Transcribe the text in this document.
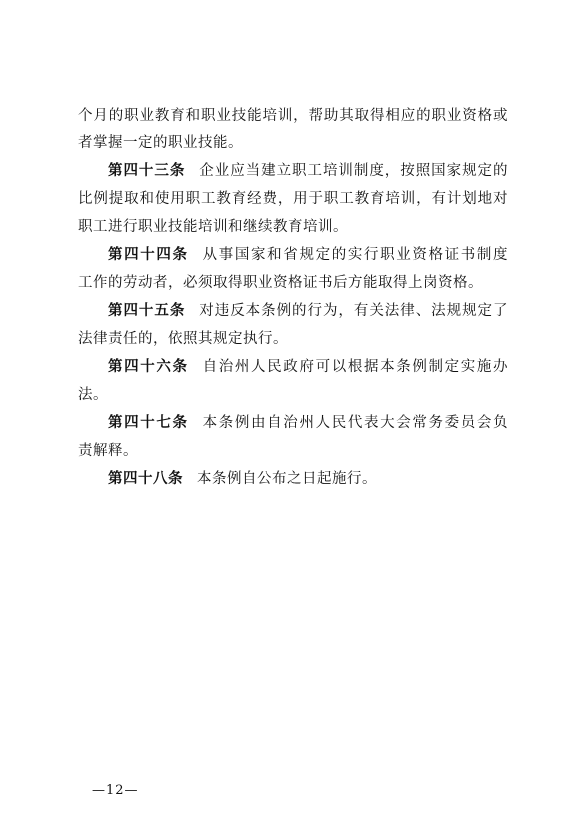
个月的职业教育和职业技能培训，帮助其取得相应的职业资格或
者掌握一定的职业技能。
第四十三条 企业应当建立职工培训制度，按照国家规定的
比例提取和使用职工教育经费，用于职工教育培训，有计划地对
职工进行职业技能培训和继续教育培训。
第四十四条 从事国家和省规定的实行职业资格证书制度
工作的劳动者，必须取得职业资格证书后方能取得上岗资格。
第四十五条 对违反本条例的行为，有关法律、法规规定了
法律责任的，依照其规定执行。
第四十六条 自治州人民政府可以根据本条例制定实施办
法。
第四十七条 本条例由自治州人民代表大会常务委员会负
责解释。
第四十八条 本条例自公布之日起施行。
—12—
